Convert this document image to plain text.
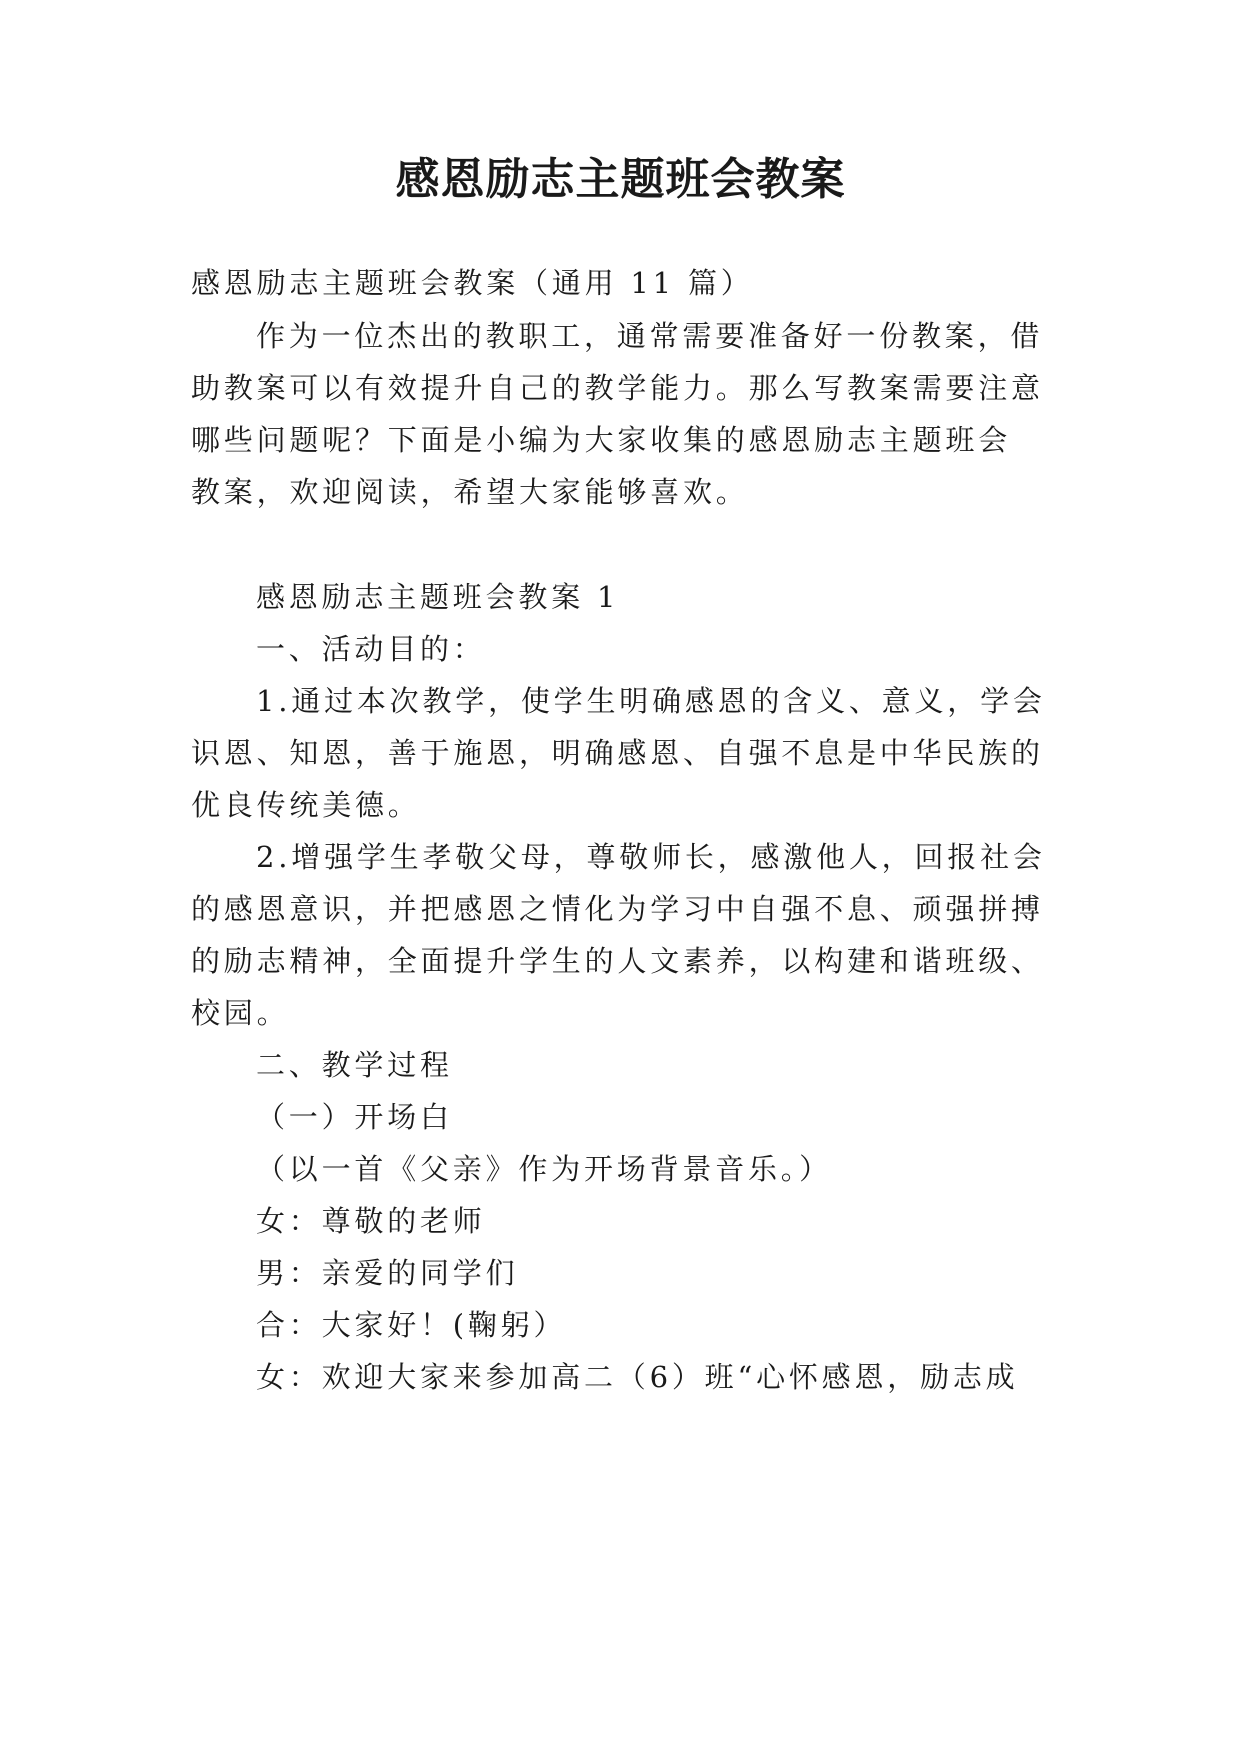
感恩励志主题班会教案
感恩励志主题班会教案（通用 11 篇）
作为一位杰出的教职工，通常需要准备好一份教案，借
助教案可以有效提升自己的教学能力。那么写教案需要注意
哪些问题呢？下面是小编为大家收集的感恩励志主题班会
教案，欢迎阅读，希望大家能够喜欢。
感恩励志主题班会教案 1
一、活动目的：
1.通过本次教学，使学生明确感恩的含义、意义，学会
识恩、知恩，善于施恩，明确感恩、自强不息是中华民族的
优良传统美德。
2.增强学生孝敬父母，尊敬师长，感激他人，回报社会
的感恩意识，并把感恩之情化为学习中自强不息、顽强拼搏
的励志精神，全面提升学生的人文素养，以构建和谐班级、
校园。
二、教学过程
（一）开场白
（以一首《父亲》作为开场背景音乐。）
女：尊敬的老师
男：亲爱的同学们
合：大家好！(鞠躬）
女：欢迎大家来参加高二（6）班“心怀感恩，励志成
